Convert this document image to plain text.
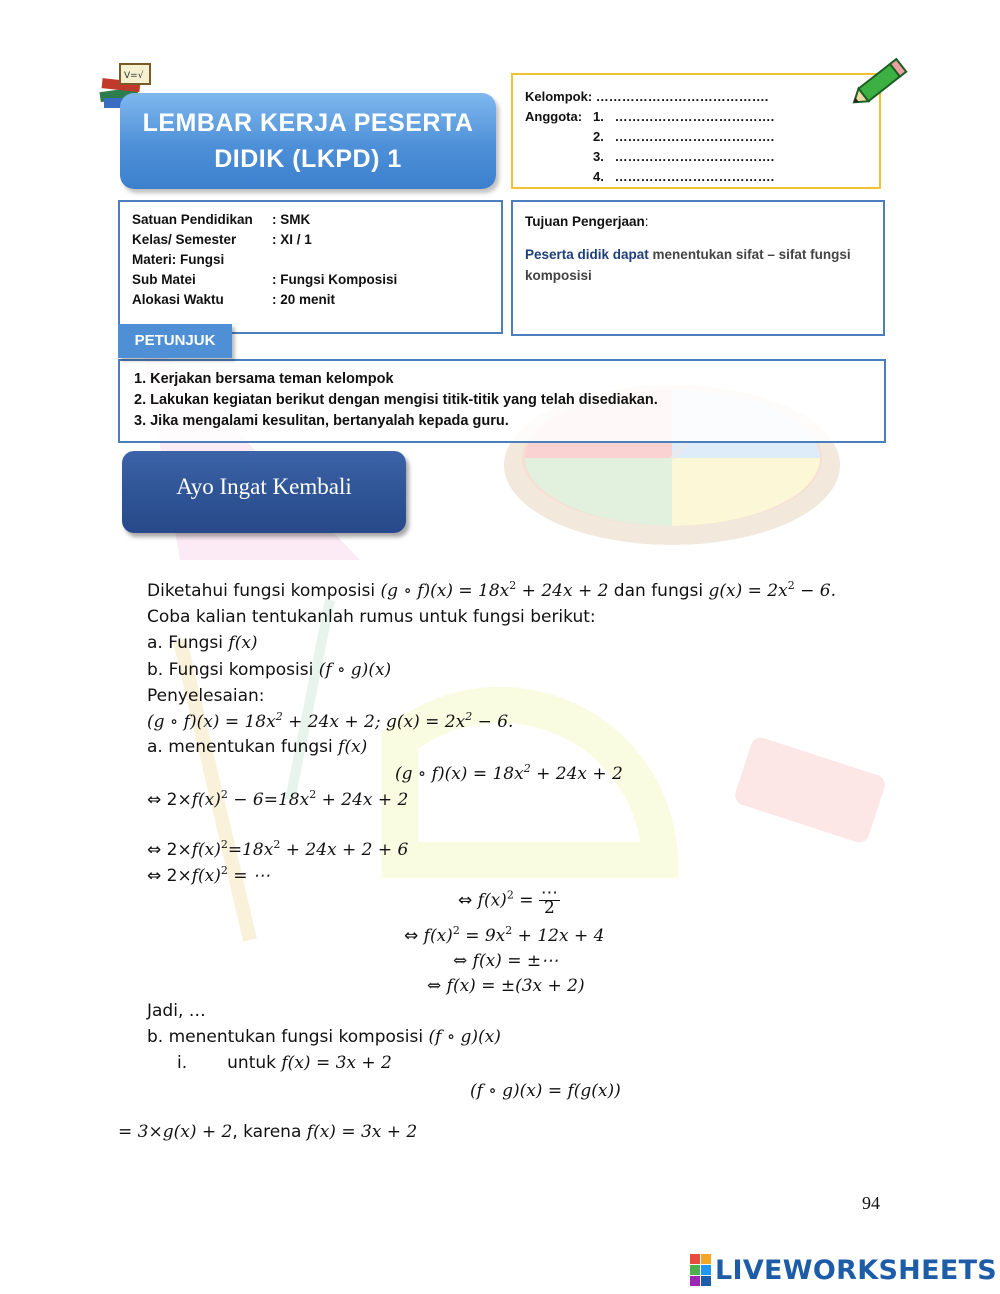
V=√
LEMBAR KERJA PESERTA
DIDIK (LKPD) 1
Kelompok:
………………………………….
Anggota: 1.
……………………………….
2.
……………………………….
3.
……………………………….
4.
……………………………….
Satuan Pendidikan	: SMK
Kelas/ Semester	: XI / 1
Materi: Fungsi
Sub Matei	: Fungsi Komposisi
Alokasi Waktu	: 20 menit
Tujuan Pengerjaan:
Peserta didik dapat menentukan sifat – sifat fungsi komposisi
1. Kerjakan bersama teman kelompok
2. Lakukan kegiatan berikut dengan mengisi titik-titik yang telah disediakan.
3. Jika mengalami kesulitan, bertanyalah kepada guru.
PETUNJUK
Ayo Ingat Kembali
Diketahui fungsi komposisi (g ∘ $f)(x) = 18x^2 + 24x + 2$ dan fungsi $g(x) = 2x^2 - 6$.
Coba kalian tentukanlah rumus untuk fungsi berikut:
a. Fungsi f(x)
b. Fungsi komposisi (f ∘ g)(x)
Penyelesaian:
(g ∘ $f)(x) = 18x^2 + 24x + 2$; $g(x) = 2x^2 - 6$.
a. menentukan fungsi f(x)
(g ∘ $f)(x) = 18x^2 + 24x + 2$
⇔ $2\times f(x)^2 - 6=18x^2 + 24x + 2$
⇔ $2\times f(x)^2=18x^2 + 24x + 2 + 6$
⇔ $2\times f(x)^2$ = ⋯
⇔ $f(x)^2 = \frac{\cdots}{2}$
⇔ $f(x)^2 = 9x^2 + 12x + 4$
⇔ f(x) = ±⋯
⇔ f(x) = ±(3x + 2)
Jadi, …
b. menentukan fungsi komposisi (f ∘ g)(x)
i. untuk f(x) = 3x + 2
(f ∘ g)(x) = f(g(x))
= 3×g(x) + 2, karena f(x) = 3x + 2
94
LIVEWORKSHEETS
